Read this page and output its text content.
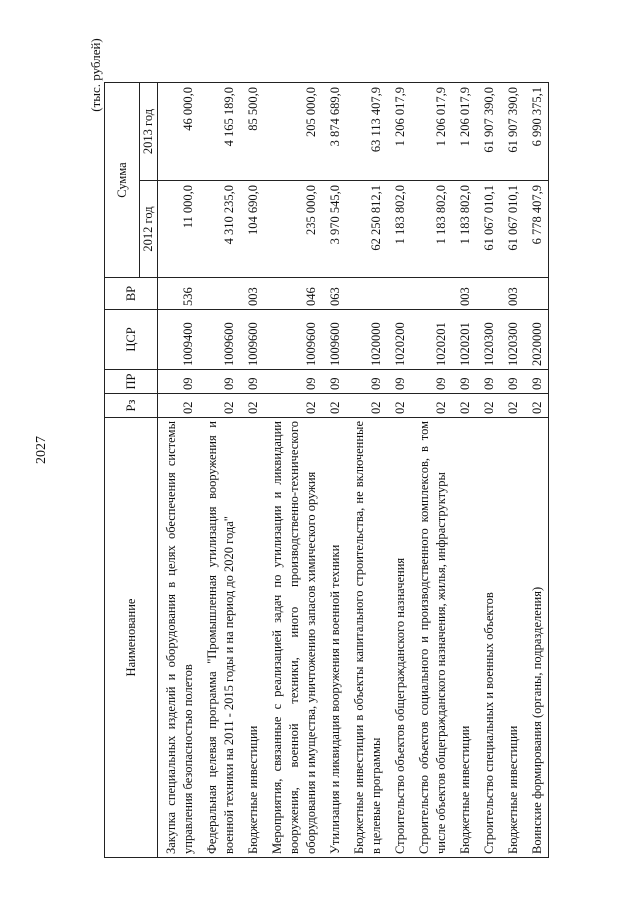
2027
(тыс. рублей)
Наименование	Рз	ПР	ЦСР	ВР	Сумма	
					2012 год	2013 год
Закупка специальных изделий и оборудования в целях обеспечения системы управления безопасностью полетов	02	09	1009400	536	11 000,0	46 000,0
Федеральная целевая программа "Промышленная утилизация вооружения и военной техники на 2011 - 2015 годы и на период до 2020 года"	02	09	1009600		4 310 235,0	4 165 189,0
Бюджетные инвестиции	02	09	1009600	003	104 690,0	85 500,0
Мероприятия, связанные с реализацией задач по утилизации и ликвидации вооружения, военной техники, иного производственно-технического оборудования и имущества, уничтожению запасов химического оружия	02	09	1009600	046	235 000,0	205 000,0
Утилизация и ликвидация вооружения и военной техники	02	09	1009600	063	3 970 545,0	3 874 689,0
Бюджетные инвестиции в объекты капитального строительства, не включенные в целевые программы	02	09	1020000		62 250 812,1	63 113 407,9
Строительство объектов общегражданского назначения	02	09	1020200		1 183 802,0	1 206 017,9
Строительство объектов социального и производственного комплексов, в том числе объектов общегражданского назначения, жилья, инфраструктуры	02	09	1020201		1 183 802,0	1 206 017,9
Бюджетные инвестиции	02	09	1020201	003	1 183 802,0	1 206 017,9
Строительство специальных и военных объектов	02	09	1020300		61 067 010,1	61 907 390,0
Бюджетные инвестиции	02	09	1020300	003	61 067 010,1	61 907 390,0
Воинские формирования (органы, подразделения)	02	09	2020000		6 778 407,9	6 990 375,1
